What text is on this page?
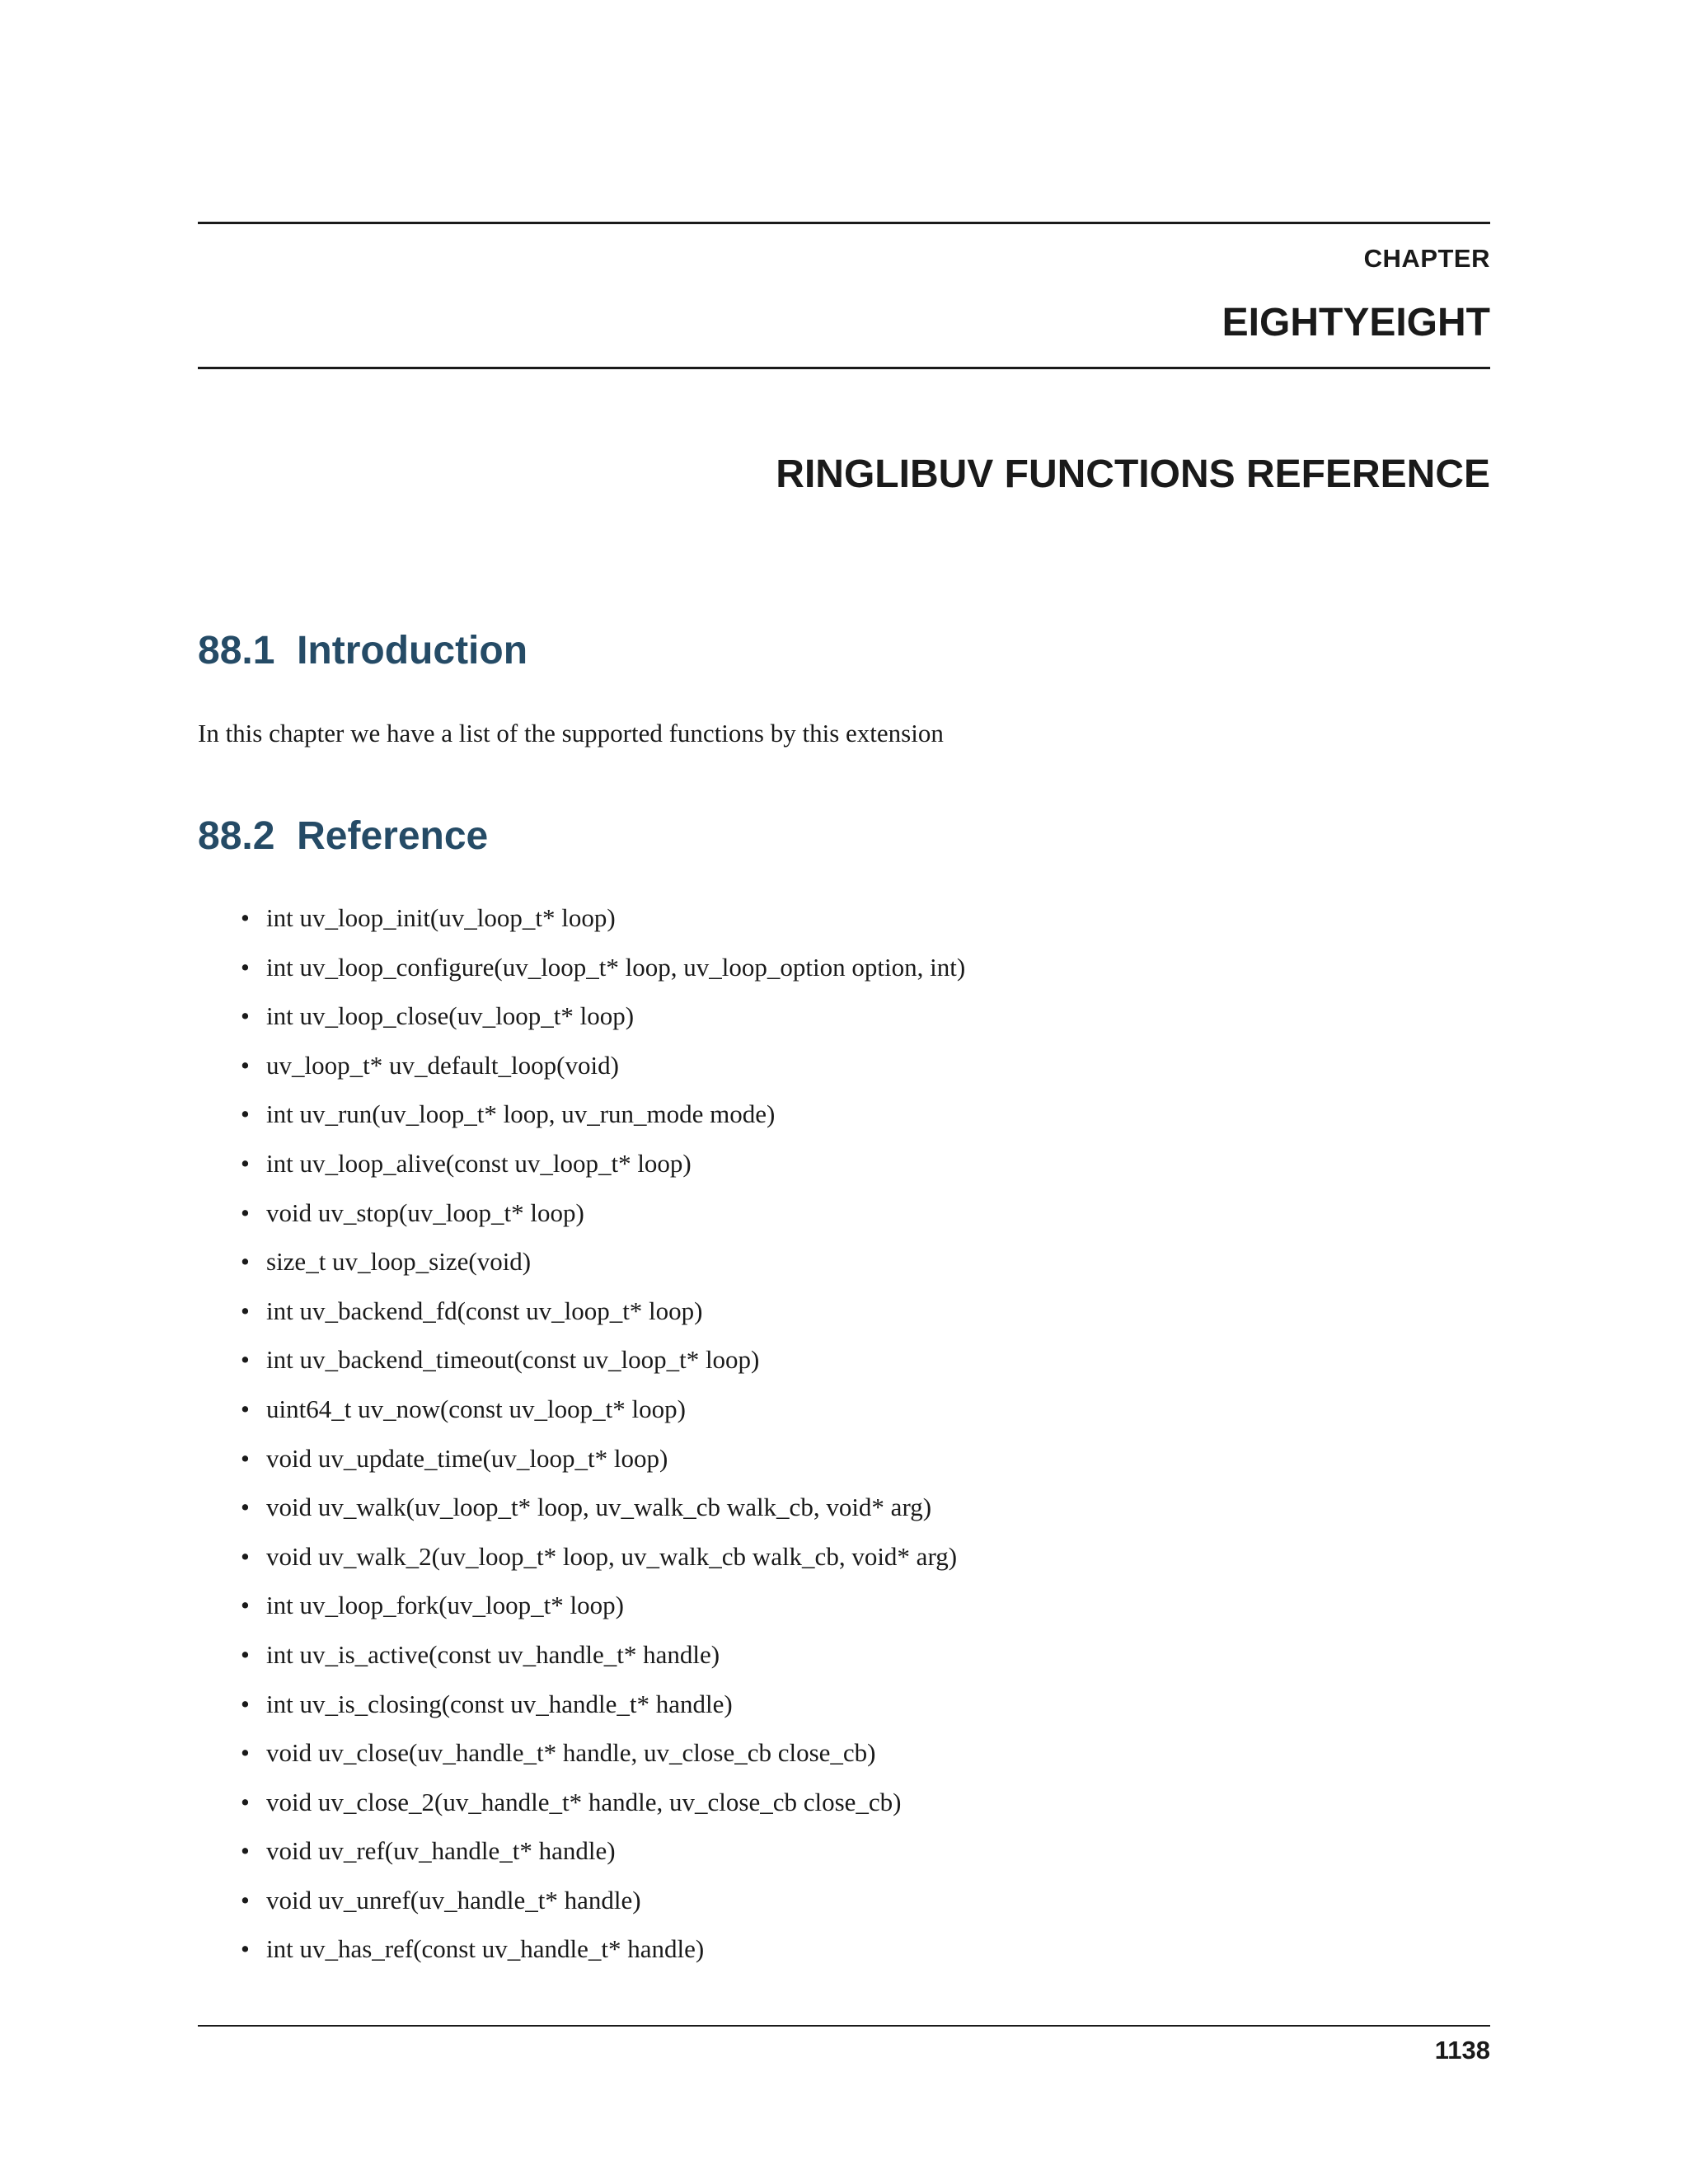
CHAPTER
EIGHTYEIGHT
RINGLIBUV FUNCTIONS REFERENCE
88.1  Introduction

In this chapter we have a list of the supported functions by this extension

88.2  Reference
• int uv_loop_init(uv_loop_t* loop)
• int uv_loop_configure(uv_loop_t* loop, uv_loop_option option, int)
• int uv_loop_close(uv_loop_t* loop)
• uv_loop_t* uv_default_loop(void)
• int uv_run(uv_loop_t* loop, uv_run_mode mode)
• int uv_loop_alive(const uv_loop_t* loop)
• void uv_stop(uv_loop_t* loop)
• size_t uv_loop_size(void)
• int uv_backend_fd(const uv_loop_t* loop)
• int uv_backend_timeout(const uv_loop_t* loop)
• uint64_t uv_now(const uv_loop_t* loop)
• void uv_update_time(uv_loop_t* loop)
• void uv_walk(uv_loop_t* loop, uv_walk_cb walk_cb, void* arg)
• void uv_walk_2(uv_loop_t* loop, uv_walk_cb walk_cb, void* arg)
• int uv_loop_fork(uv_loop_t* loop)
• int uv_is_active(const uv_handle_t* handle)
• int uv_is_closing(const uv_handle_t* handle)
• void uv_close(uv_handle_t* handle, uv_close_cb close_cb)
• void uv_close_2(uv_handle_t* handle, uv_close_cb close_cb)
• void uv_ref(uv_handle_t* handle)
• void uv_unref(uv_handle_t* handle)
• int uv_has_ref(const uv_handle_t* handle)
1138
